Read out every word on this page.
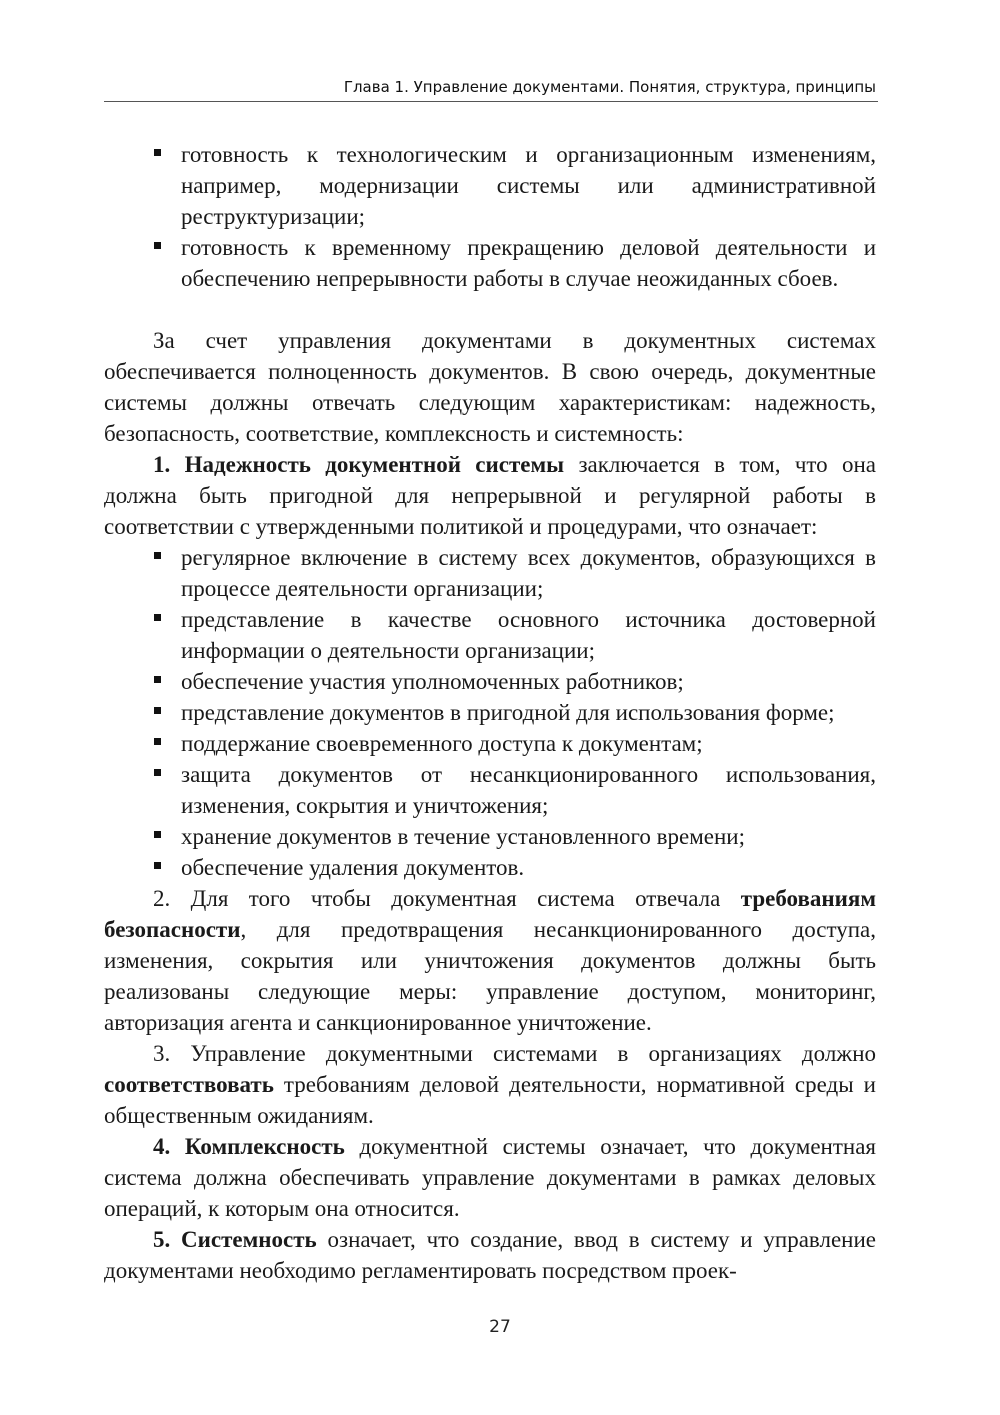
Глава 1. Управление документами. Понятия, структура, принципы
готовность к технологическим и организационным изменениям, например, модернизации системы или административной реструктуризации;
готовность к временному прекращению деловой деятельности и обеспечению непрерывности работы в случае неожиданных сбоев.

За счет управления документами в документных системах обеспечивается полноценность документов. В свою очередь, документные системы должны отвечать следующим характеристикам: надежность, безопасность, соответствие, комплексность и системность:

1. Надежность документной системы заключается в том, что она должна быть пригодной для непрерывной и регулярной работы в соответствии с утвержденными политикой и процедурами, что означает:

регулярное включение в систему всех документов, образующихся в процессе деятельности организации;
представление в качестве основного источника достоверной информации о деятельности организации;
обеспечение участия уполномоченных работников;
представление документов в пригодной для использования форме;
поддержание своевременного доступа к документам;
защита документов от несанкционированного использования, изменения, сокрытия и уничтожения;
хранение документов в течение установленного времени;
обеспечение удаления документов.

2. Для того чтобы документная система отвечала требованиям безопасности, для предотвращения несанкционированного доступа, изменения, сокрытия или уничтожения документов должны быть реализованы следующие меры: управление доступом, мониторинг, авторизация агента и санкционированное уничтожение.

3. Управление документными системами в организациях должно соответствовать требованиям деловой деятельности, нормативной среды и общественным ожиданиям.

4. Комплексность документной системы означает, что документная система должна обеспечивать управление документами в рамках деловых операций, к которым она относится.

5. Системность означает, что создание, ввод в систему и управление документами необходимо регламентировать посредством проек-

27
